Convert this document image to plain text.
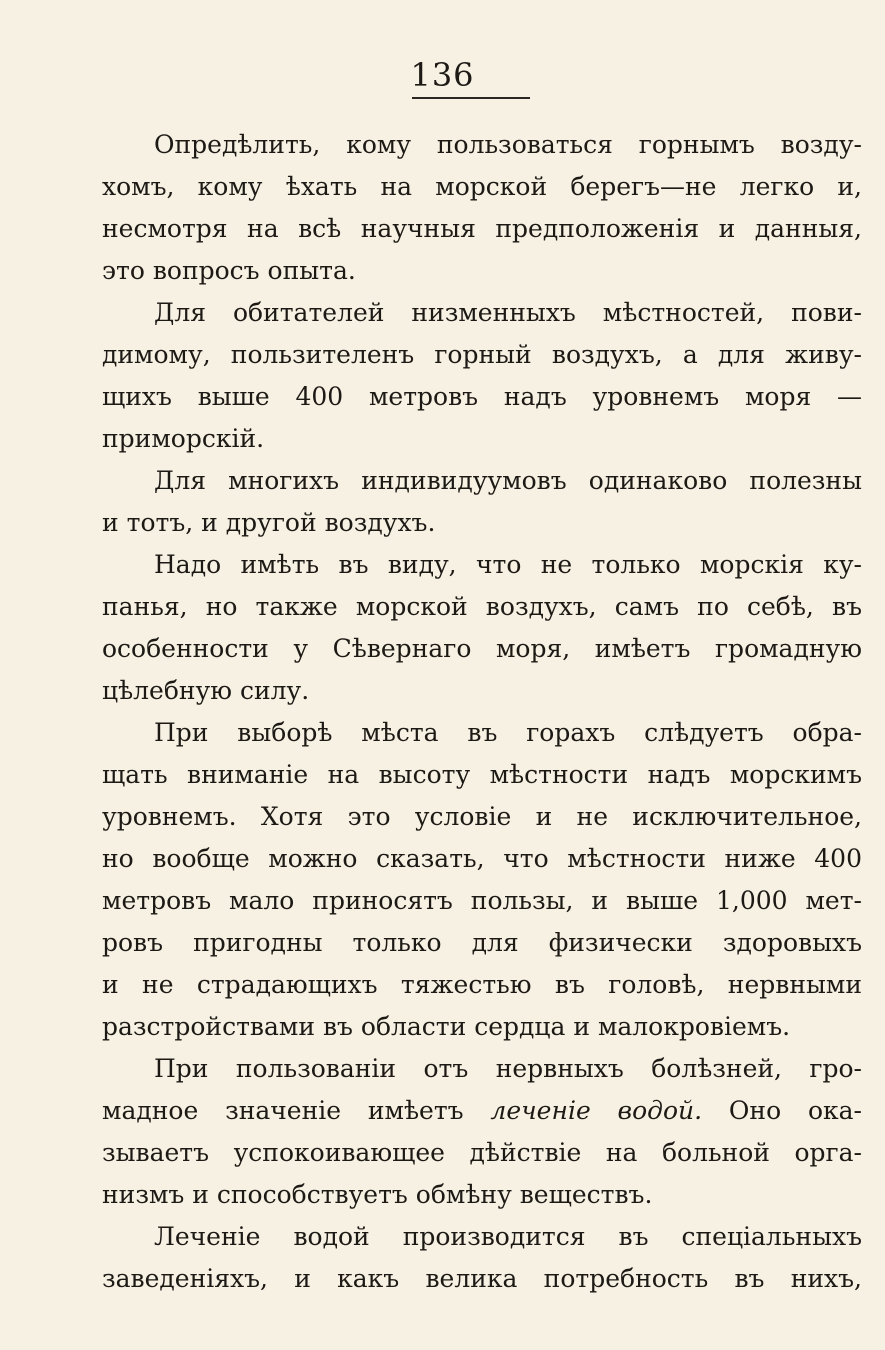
136
Опредѣлить, кому пользоваться горнымъ возду-
хомъ, кому ѣхать на морской берегъ—не легко и,
несмотря на всѣ научныя предположенія и данныя,
это вопросъ опыта.
Для обитателей низменныхъ мѣстностей, пови-
димому, пользителенъ горный воздухъ, а для живу-
щихъ выше 400 метровъ надъ уровнемъ моря —
приморскій.
Для многихъ индивидуумовъ одинаково полезны
и тотъ, и другой воздухъ.
Надо имѣть въ виду, что не только морскія ку-
панья, но также морской воздухъ, самъ по себѣ, въ
особенности у Сѣвернаго моря, имѣетъ громадную
цѣлебную силу.
При выборѣ мѣста въ горахъ слѣдуетъ обра-
щать вниманіе на высоту мѣстности надъ морскимъ
уровнемъ. Хотя это условіе и не исключительное,
но вообще можно сказать, что мѣстности ниже 400
метровъ мало приносятъ пользы, и выше 1,000 мет-
ровъ пригодны только для физически здоровыхъ
и не страдающихъ тяжестью въ головѣ, нервными
разстройствами въ области сердца и малокровіемъ.
При пользованіи отъ нервныхъ болѣзней, гро-
мадное значеніе имѣетъ леченіе водой. Оно ока-
зываетъ успокоивающее дѣйствіе на больной орга-
низмъ и способствуетъ обмѣну веществъ.
Леченіе водой производится въ спеціальныхъ
заведеніяхъ, и какъ велика потребность въ нихъ,
